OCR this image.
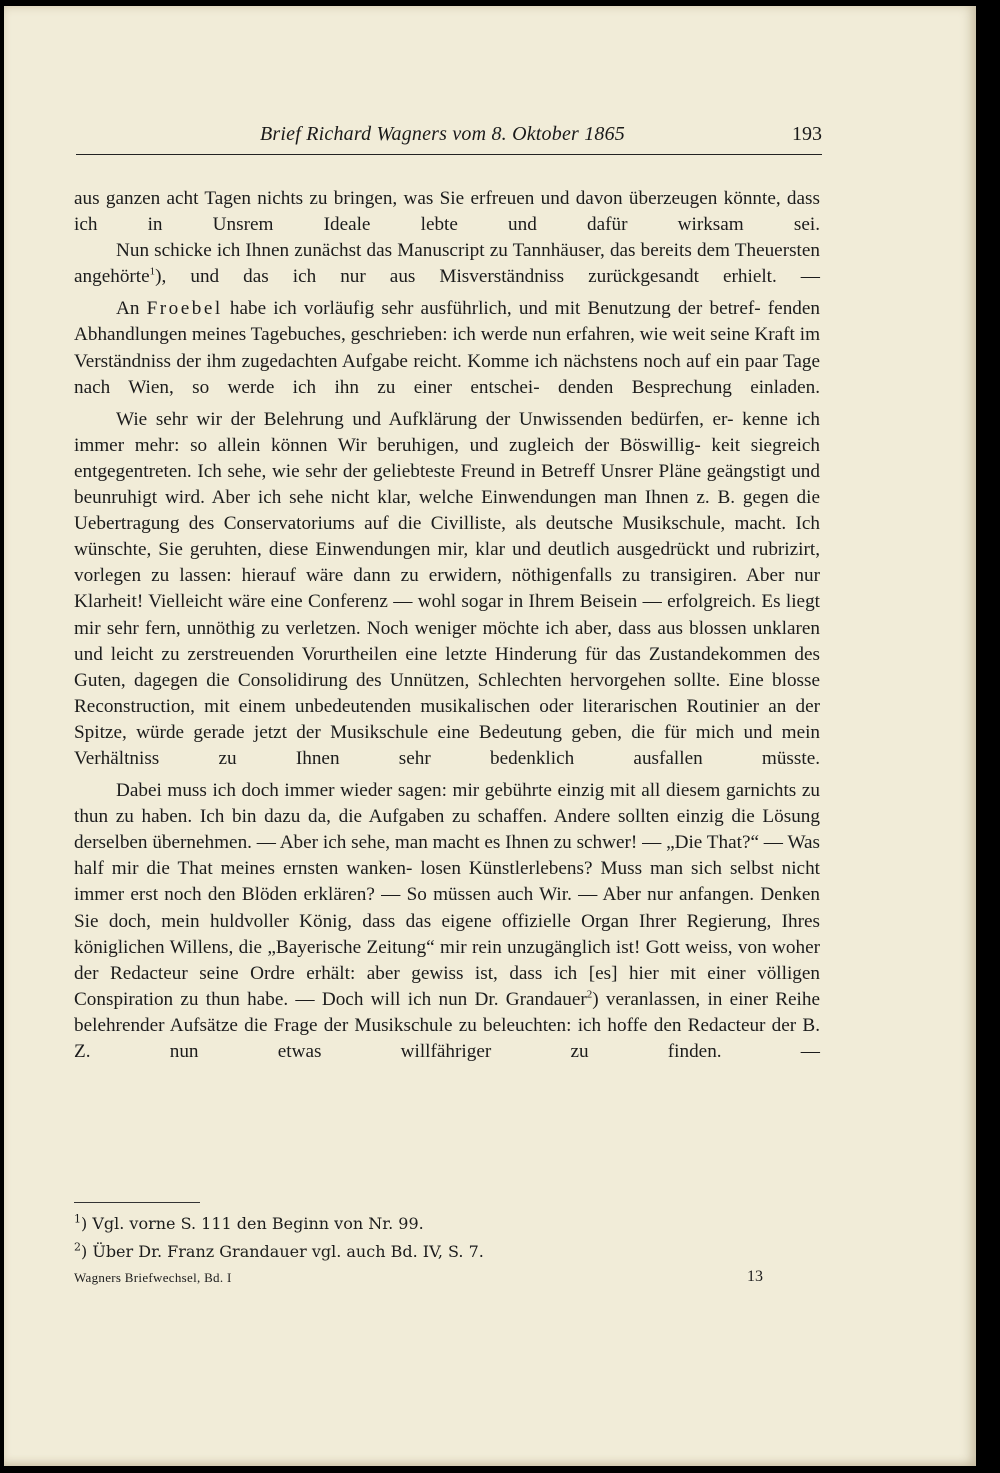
Brief Richard Wagners vom 8. Oktober 1865	193

aus ganzen acht Tagen nichts zu bringen, was Sie erfreuen und davon überzeugen könnte, dass ich in Unsrem Ideale lebte und dafür wirksam sei.

Nun schicke ich Ihnen zunächst das Manuscript zu Tannhäuser, das bereits dem Theuersten angehörte$^1$), und das ich nur aus Misverständniss zurückgesandt erhielt. —

An Froebel habe ich vorläufig sehr ausführlich, und mit Benutzung der betref- fenden Abhandlungen meines Tagebuches, geschrieben: ich werde nun erfahren, wie weit seine Kraft im Verständniss der ihm zugedachten Aufgabe reicht. Komme ich nächstens noch auf ein paar Tage nach Wien, so werde ich ihn zu einer entschei- denden Besprechung einladen.

Wie sehr wir der Belehrung und Aufklärung der Unwissenden bedürfen, er- kenne ich immer mehr: so allein können Wir beruhigen, und zugleich der Böswillig- keit siegreich entgegentreten. Ich sehe, wie sehr der geliebteste Freund in Betreff Unsrer Pläne geängstigt und beunruhigt wird. Aber ich sehe nicht klar, welche Einwendungen man Ihnen z. B. gegen die Uebertragung des Conservatoriums auf die Civilliste, als deutsche Musikschule, macht. Ich wünschte, Sie geruhten, diese Einwendungen mir, klar und deutlich ausgedrückt und rubrizirt, vorlegen zu lassen: hierauf wäre dann zu erwidern, nöthigenfalls zu transigiren. Aber nur Klarheit! Vielleicht wäre eine Conferenz — wohl sogar in Ihrem Beisein — erfolgreich. Es liegt mir sehr fern, unnöthig zu verletzen. Noch weniger möchte ich aber, dass aus blossen unklaren und leicht zu zerstreuenden Vorurtheilen eine letzte Hinderung für das Zustandekommen des Guten, dagegen die Consolidirung des Unnützen, Schlechten hervorgehen sollte. Eine blosse Reconstruction, mit einem unbedeutenden musikalischen oder literarischen Routinier an der Spitze, würde gerade jetzt der Musikschule eine Bedeutung geben, die für mich und mein Verhältniss zu Ihnen	sehr bedenklich ausfallen müsste.

Dabei muss ich doch immer wieder sagen: mir gebührte einzig mit all diesem garnichts zu thun zu haben. Ich bin dazu da, die Aufgaben zu schaffen. Andere sollten einzig die Lösung derselben übernehmen. — Aber ich sehe, man macht es Ihnen zu schwer! — „Die That?“ — Was half mir die That meines ernsten wanken- losen Künstlerlebens? Muss man sich selbst nicht immer erst noch den Blöden erklären? — So müssen auch Wir. — Aber nur anfangen. Denken Sie doch, mein huldvoller König, dass das eigene offizielle Organ Ihrer Regierung, Ihres königlichen Willens, die „Bayerische Zeitung“ mir rein unzugänglich ist! Gott weiss, von woher der Redacteur seine Ordre erhält: aber gewiss ist, dass ich [es] hier mit einer völligen Conspiration zu thun habe. — Doch will ich nun Dr. Grandauer$^2$) veranlassen, in einer Reihe belehrender Aufsätze die Frage der Musikschule zu beleuchten: ich hoffe den Redacteur der B. Z. nun etwas willfähriger zu finden. —

$^1$) Vgl. vorne S. 111 den Beginn von Nr. 99.
$^2$) Über Dr. Franz Grandauer vgl. auch Bd. IV, S. 7.
Wagners Briefwechsel, Bd. I	13
